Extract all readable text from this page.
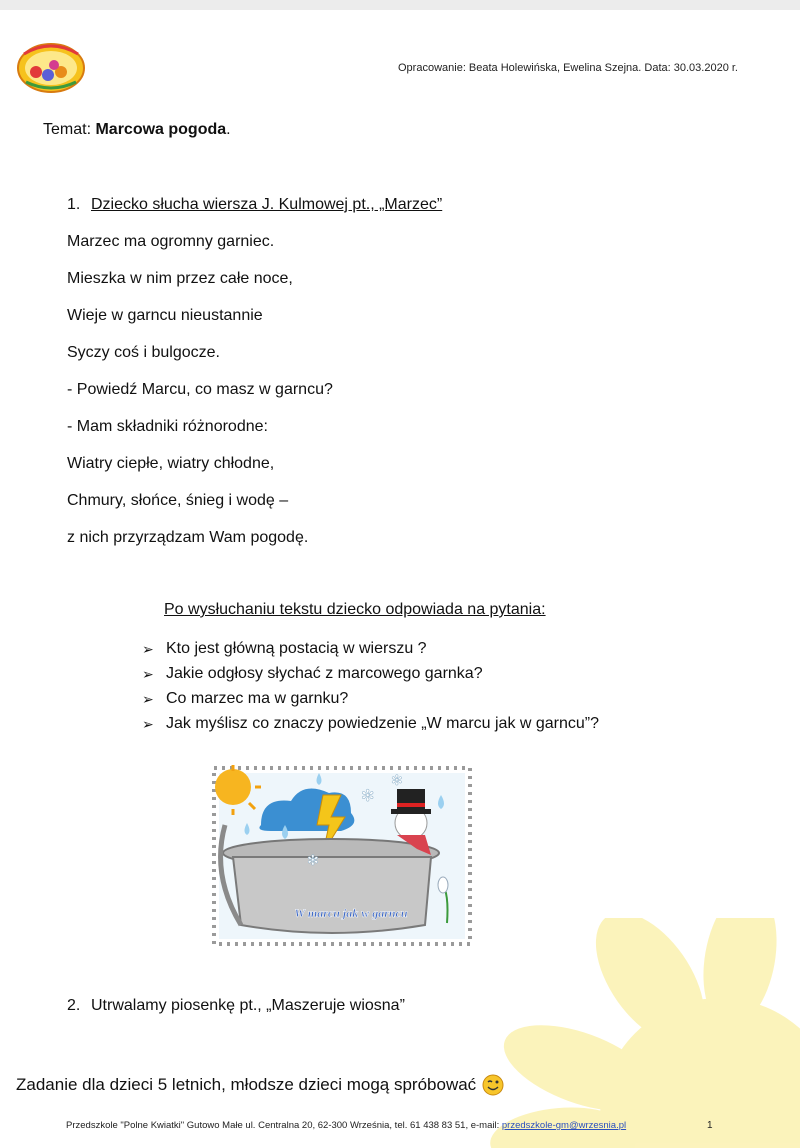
Opracowanie: Beata Holewińska, Ewelina Szejna. Data: 30.03.2020 r.
Temat: Marcowa pogoda.
1. Dziecko słucha wiersza J. Kulmowej pt., „Marzec”
Marzec ma ogromny garniec.
Mieszka w nim przez całe noce,
Wieje w garncu nieustannie
Syczy coś i bulgocze.
- Powiedź Marcu, co masz w garncu?
- Mam składniki różnorodne:
Wiatry ciepłe, wiatry chłodne,
Chmury, słońce, śnieg i wodę –
z nich przyrządzam Wam pogodę.
Po wysłuchaniu tekstu dziecko odpowiada na pytania:
➢ Kto jest główną postacią w wierszu ?
➢ Jakie odgłosy słychać z marcowego garnka?
➢ Co marzec ma w garnku?
➢ Jak myślisz co znaczy powiedzenie „W marcu jak w garncu”?
✻
✻
✻
W marcu jak w garncu
2. Utrwalamy piosenkę pt., „Maszeruje wiosna”
Zadanie dla dzieci 5 letnich, młodsze dzieci mogą spróbować
Przedszkole "Polne Kwiatki" Gutowo Małe ul. Centralna 20, 62-300 Września, tel. 61 438 83 51, e-mail: przedszkole-gm@wrzesnia.pl	1
